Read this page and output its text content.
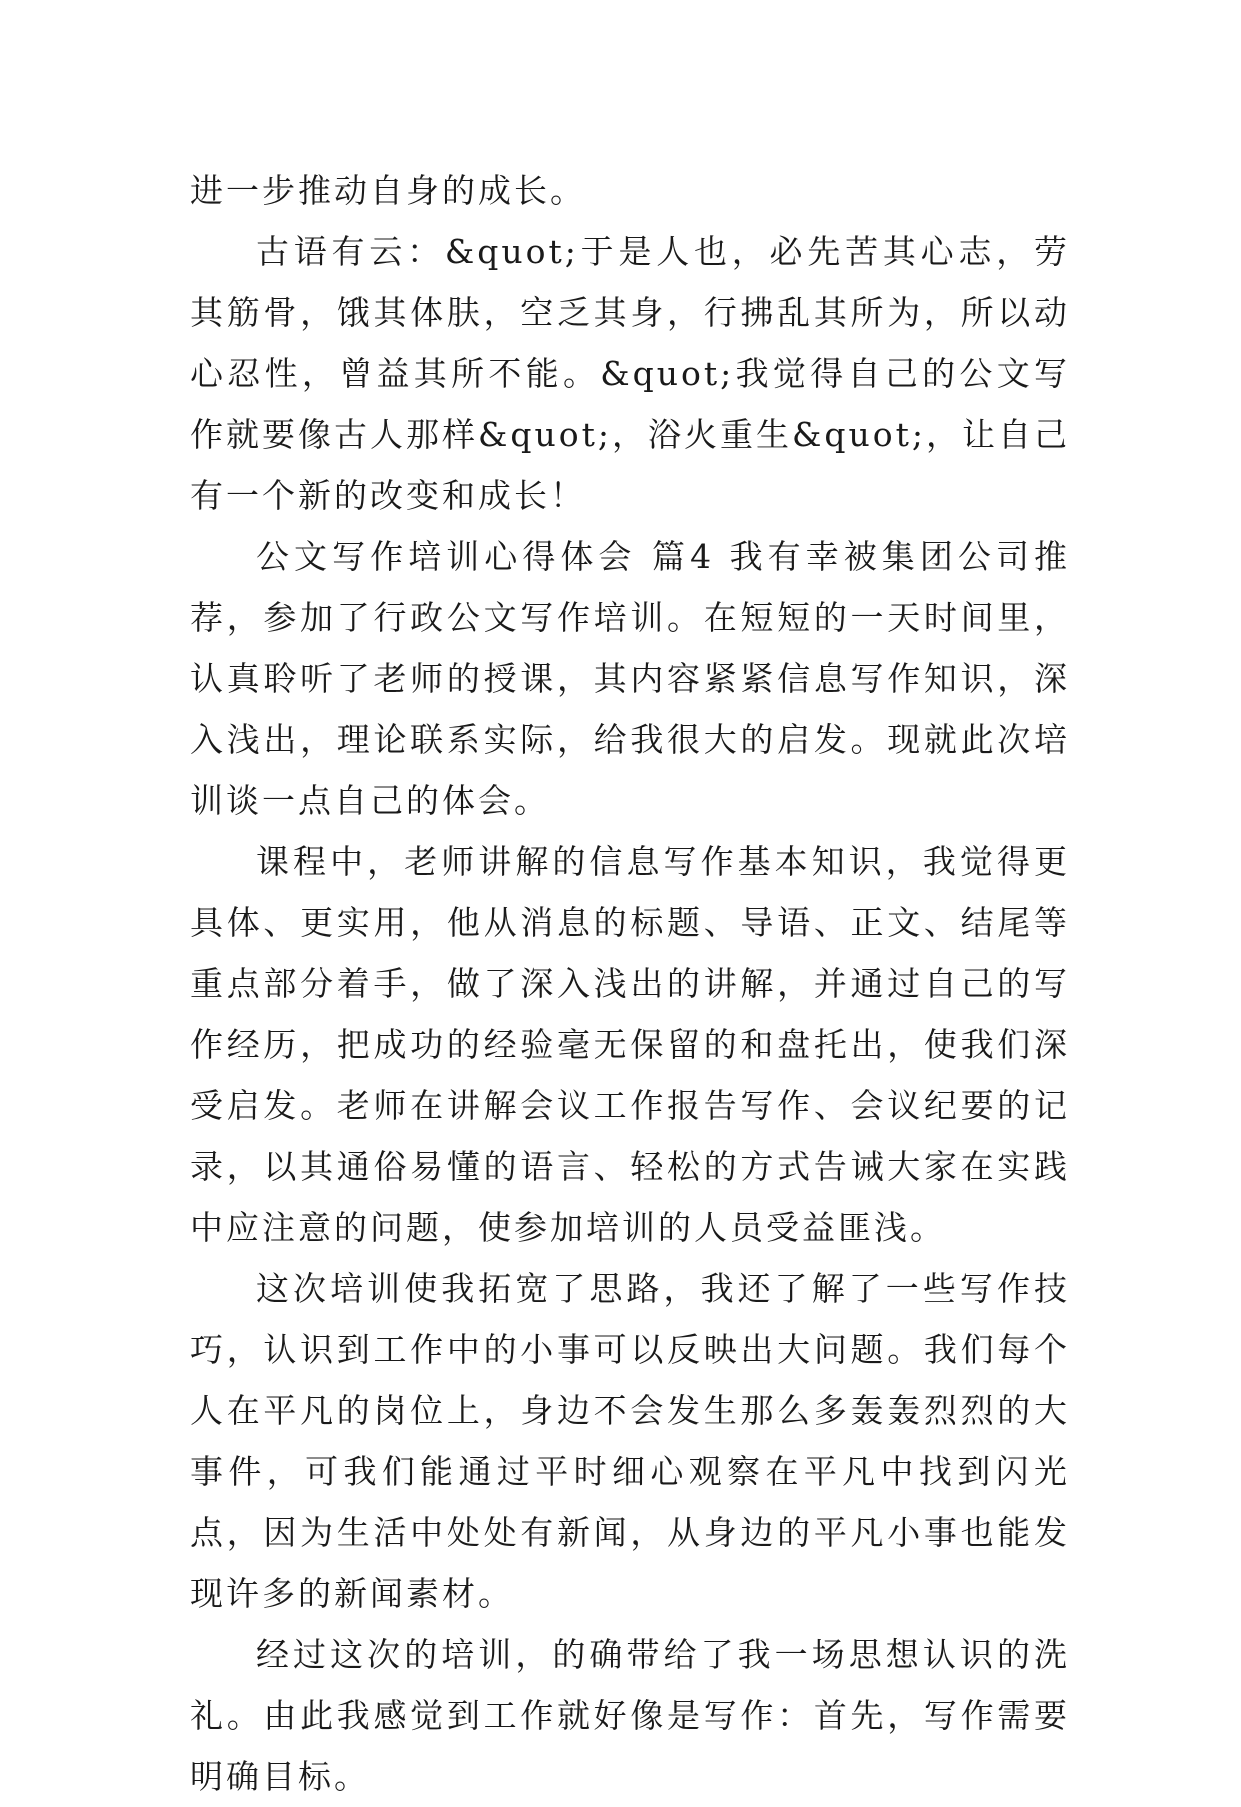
进一步推动自身的成长。

古语有云：&quot;于是人也，必先苦其心志，劳其筋骨，饿其体肤，空乏其身，行拂乱其所为，所以动心忍性，曾益其所不能。&quot;我觉得自己的公文写作就要像古人那样&quot;，浴火重生&quot;，让自己有一个新的改变和成长！

公文写作培训心得体会 篇4 我有幸被集团公司推荐，参加了行政公文写作培训。在短短的一天时间里，认真聆听了老师的授课，其内容紧紧信息写作知识，深入浅出，理论联系实际，给我很大的启发。现就此次培训谈一点自己的体会。

课程中，老师讲解的信息写作基本知识，我觉得更具体、更实用，他从消息的标题、导语、正文、结尾等重点部分着手，做了深入浅出的讲解，并通过自己的写作经历，把成功的经验毫无保留的和盘托出，使我们深受启发。老师在讲解会议工作报告写作、会议纪要的记录，以其通俗易懂的语言、轻松的方式告诫大家在实践中应注意的问题，使参加培训的人员受益匪浅。

这次培训使我拓宽了思路，我还了解了一些写作技巧，认识到工作中的小事可以反映出大问题。我们每个人在平凡的岗位上，身边不会发生那么多轰轰烈烈的大事件，可我们能通过平时细心观察在平凡中找到闪光点，因为生活中处处有新闻，从身边的平凡小事也能发现许多的新闻素材。

经过这次的培训，的确带给了我一场思想认识的洗礼。由此我感觉到工作就好像是写作：首先，写作需要明确目标。
